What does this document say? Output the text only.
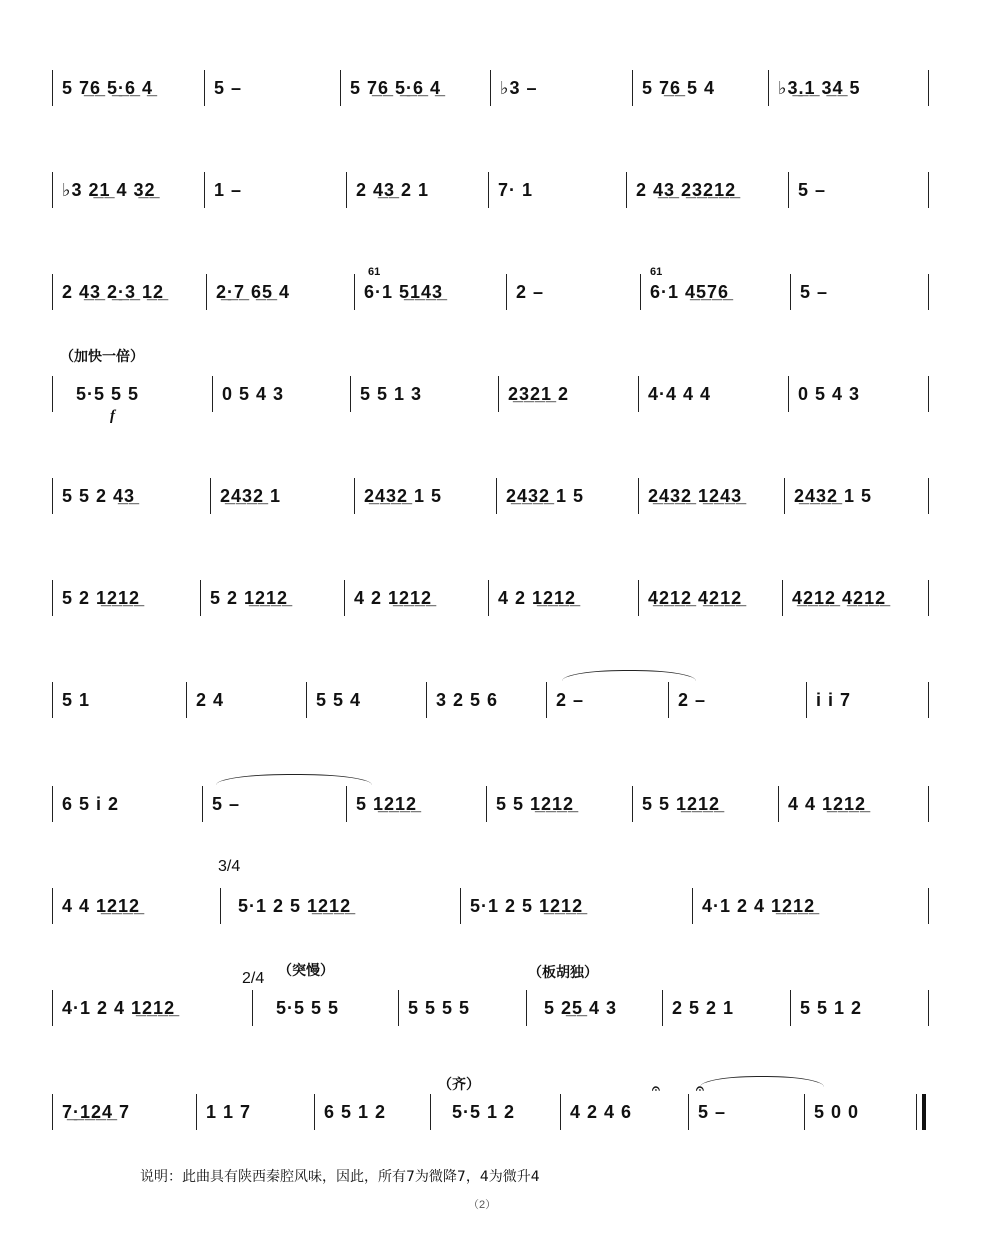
5 7̲6̲ 5̲·̲6̲ 4̲	5 –	5 7̲6̲ 5̲·̲6̲ 4̲	♭3 –	5 7̲6̲ 5 4	♭3̲.̲1̲ 3̲4̲ 5
♭3 2̲1̲ 4 3̲2̲	1 –	2 4̲3̲ 2 1	7· 1	2 4̲3̲ 2̲3̲2̲1̲2̲	5 –
2 4̲3̲ 2̲·̲3̲ 1̲2̲	2̲·̲7̲ 6̲5̲ 4
61
6·1 5̲1̲4̲3̲	2 –
61
6·1 4̲5̲7̲6̲	5 –
（加快一倍）
5·5 5 5
f
0 5 4 3	5 5 1 3	2̲3̲2̲1̲ 2	4·4 4 4	0 5 4 3
5 5 2 4̲3̲	2̲4̲3̲2̲ 1	2̲4̲3̲2̲ 1 5	2̲4̲3̲2̲ 1 5	2̲4̲3̲2̲ 1̲2̲4̲3̲	2̲4̲3̲2̲ 1 5
5 2 1̲2̲1̲2̲	5 2 1̲2̲1̲2̲	4 2 1̲2̲1̲2̲	4 2 1̲2̲1̲2̲	4̲2̲1̲2̲ 4̲2̲1̲2̲	4̲2̲1̲2̲ 4̲2̲1̲2̲
5 1	2 4	5 5 4	3 2 5 6	2 –	2 –	i i 7
6 5 i 2	5 –	5 1̲2̲1̲2̲	5 5 1̲2̲1̲2̲	5 5 1̲2̲1̲2̲	4 4 1̲2̲1̲2̲
3/4
4 4 1̲2̲1̲2̲	5·1 2 5 1̲2̲1̲2̲	5·1 2 5 1̲2̲1̲2̲	4·1 2 4 1̲2̲1̲2̲
2/4 （突慢）	（板胡独）
4·1 2 4 1̲2̲1̲2̲	5·5 5 5	5 5 5 5	5 2̲5̲ 4 3	2 5 2 1	5 5 1 2
（齐）
7̲·̲1̲2̲4̲ 7	1 1 7	6 5 1 2	5·5 1 2	4 2 4 6
𝄐	𝄐
5 –	5 0 0
说明：此曲具有陕西秦腔风味，因此，所有7为微降7，4为微升4
（2）
